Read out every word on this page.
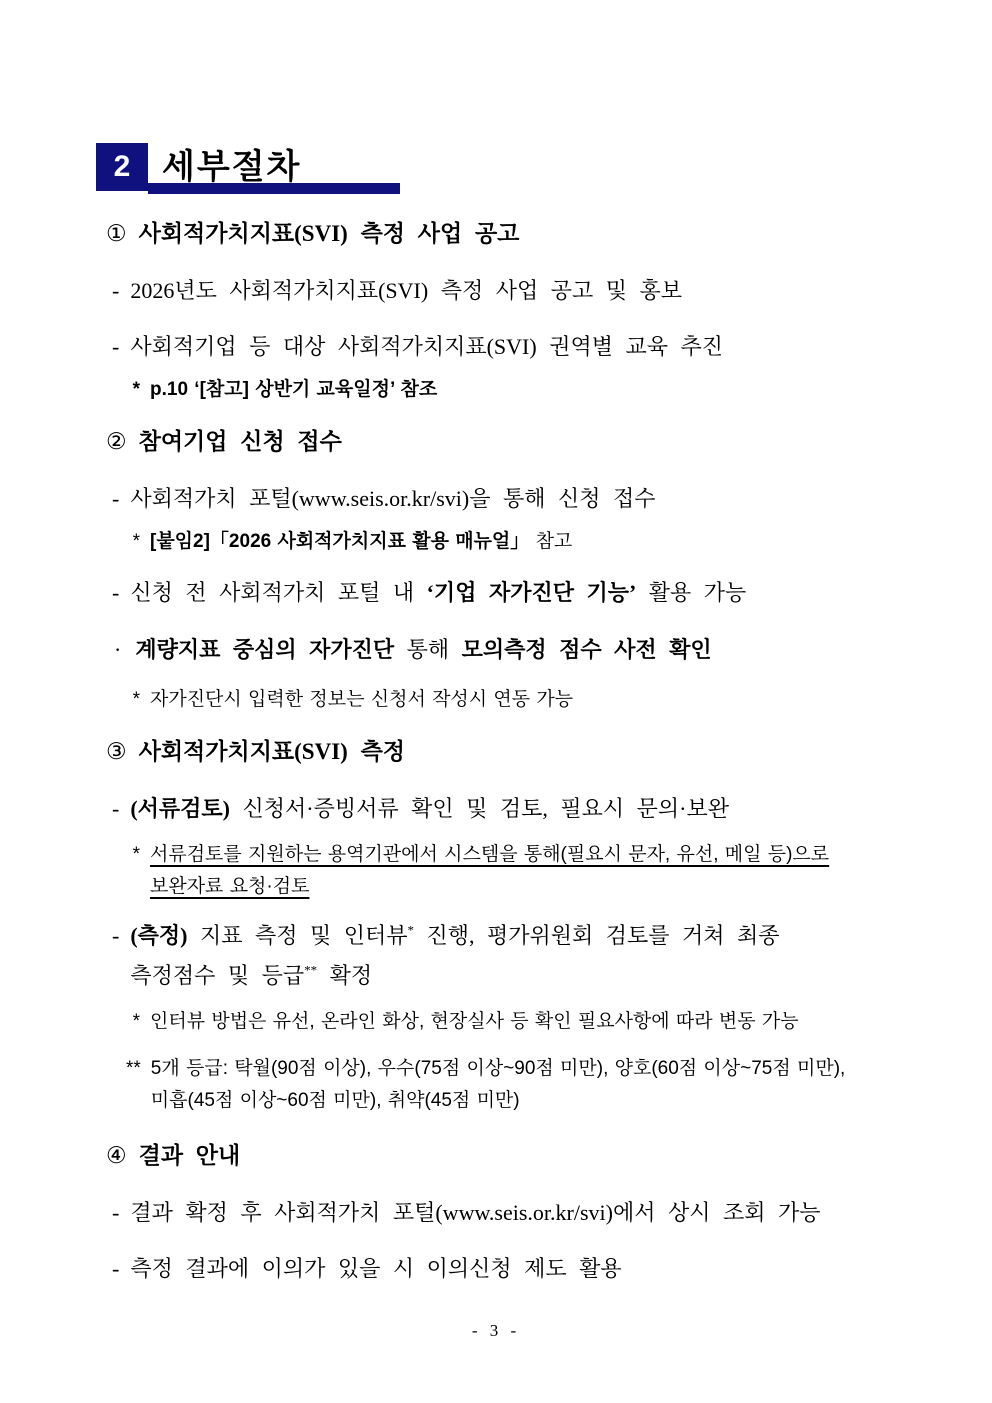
2 세부절차
① 사회적가치지표(SVI) 측정 사업 공고
- 2026년도 사회적가치지표(SVI) 측정 사업 공고 및 홍보
- 사회적기업 등 대상 사회적가치지표(SVI) 권역별 교육 추진
* p.10 ‘[참고] 상반기 교육일정’ 참조
② 참여기업 신청 접수
- 사회적가치 포털(www.seis.or.kr/svi)을 통해 신청 접수
* [붙임2]「2026 사회적가치지표 활용 매뉴얼」 참고
- 신청 전 사회적가치 포털 내 ‘기업 자가진단 기능’ 활용 가능
· 계량지표 중심의 자가진단 통해 모의측정 점수 사전 확인
* 자가진단시 입력한 정보는 신청서 작성시 연동 가능
③ 사회적가치지표(SVI) 측정
- (서류검토) 신청서·증빙서류 확인 및 검토, 필요시 문의·보완
* 서류검토를 지원하는 용역기관에서 시스템을 통해(필요시 문자, 유선, 메일 등)으로
보완자료 요청·검토
- (측정) 지표 측정 및 인터뷰* 진행, 평가위원회 검토를 거쳐 최종
측정점수 및 등급** 확정
* 인터뷰 방법은 유선, 온라인 화상, 현장실사 등 확인 필요사항에 따라 변동 가능
** 5개 등급: 탁월(90점 이상), 우수(75점 이상~90점 미만), 양호(60점 이상~75점 미만),
미흡(45점 이상~60점 미만), 취약(45점 미만)
④ 결과 안내
- 결과 확정 후 사회적가치 포털(www.seis.or.kr/svi)에서 상시 조회 가능
- 측정 결과에 이의가 있을 시 이의신청 제도 활용
- 3 -
